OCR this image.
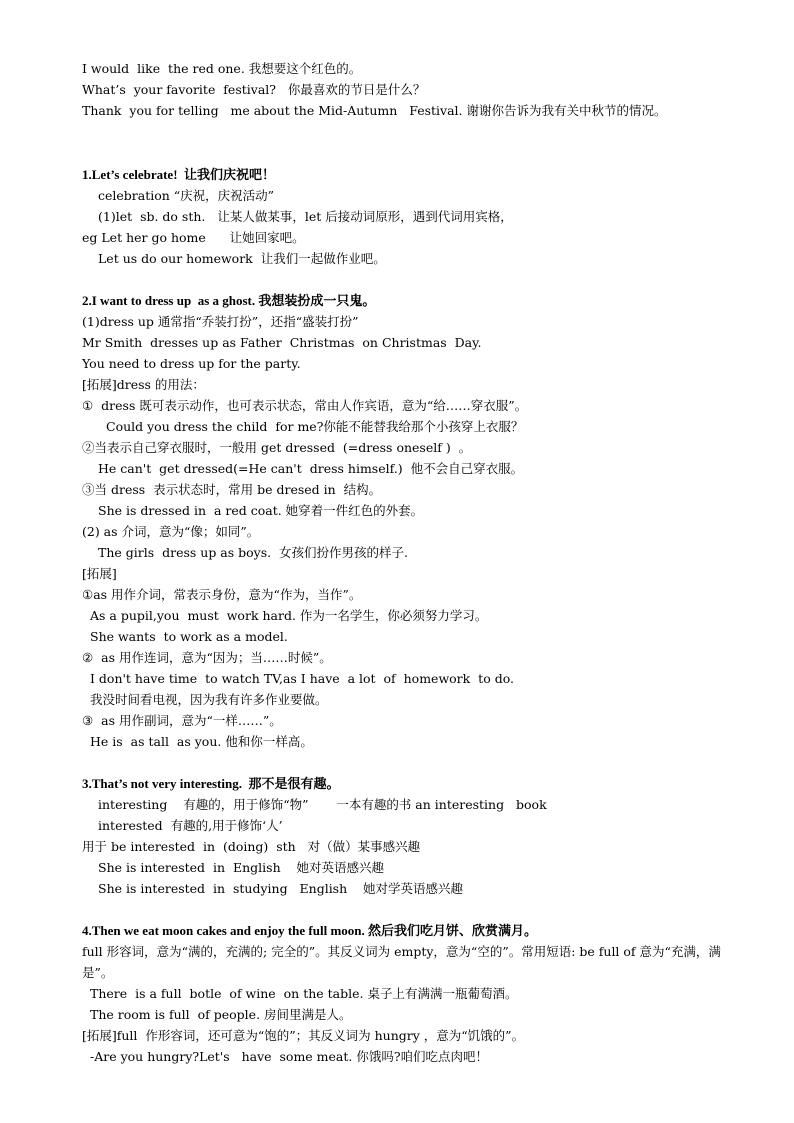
I would  like  the red one. 我想要这个红色的。
What’s  your favorite  festival?   你最喜欢的节日是什么？
Thank  you for telling   me about the Mid-Autumn   Festival. 谢谢你告诉为我有关中秋节的情况。
1.Let’s celebrate!  让我们庆祝吧！
celebration “庆祝，庆祝活动”
(1)let  sb. do sth.   让某人做某事，let 后接动词原形，遇到代词用宾格，
eg Let her go home      让她回家吧。
Let us do our homework  让我们一起做作业吧。
2.I want to dress up  as a ghost. 我想装扮成一只鬼。
(1)dress up 通常指“乔装打扮”，还指“盛装打扮”
Mr Smith  dresses up as Father  Christmas  on Christmas  Day.
You need to dress up for the party.
[拓展]dress 的用法：
①  dress 既可表示动作，也可表示状态，常由人作宾语，意为“给……穿衣服”。
Could you dress the child  for me?你能不能替我给那个小孩穿上衣服？
②当表示自己穿衣服时，一般用 get dressed  (=dress oneself )  。
He can't  get dressed(=He can't  dress himself.)  他不会自己穿衣服。
③当 dress  表示状态时，常用 be dresed in  结构。
She is dressed in  a red coat. 她穿着一件红色的外套。
(2) as 介词，意为“像；如同”。
The girls  dress up as boys.  女孩们扮作男孩的样子.
[拓展]
①as 用作介词，常表示身份，意为“作为，当作”。
As a pupil,you  must  work hard. 作为一名学生，你必须努力学习。
She wants  to work as a model.
②  as 用作连词，意为“因为；当……时候”。
I don't have time  to watch TV,as I have  a lot  of  homework  to do.
我没时间看电视，因为我有许多作业要做。
③  as 用作副词，意为“一样……”。
He is  as tall  as you. 他和你一样高。
3.That’s not very interesting.  那不是很有趣。
interesting    有趣的，用于修饰“物”       一本有趣的书 an interesting   book
interested  有趣的,用于修饰‘人’
用于 be interested  in  (doing)  sth   对（做）某事感兴趣
She is interested  in  English    她对英语感兴趣
She is interested  in  studying   English    她对学英语感兴趣
4.Then we eat moon cakes and enjoy the full moon. 然后我们吃月饼、欣赏满月。
full 形容词，意为“满的，充满的; 完全的”。其反义词为 empty，意为“空的”。常用短语: be full of 意为“充满，满是”。
There  is a full  botle  of wine  on the table. 桌子上有满满一瓶葡萄酒。
The room is full  of people. 房间里满是人。
[拓展]full  作形容词，还可意为“饱的”；其反义词为 hungry ，意为“饥饿的”。
-Are you hungry?Let's   have  some meat. 你饿吗?咱们吃点肉吧！
